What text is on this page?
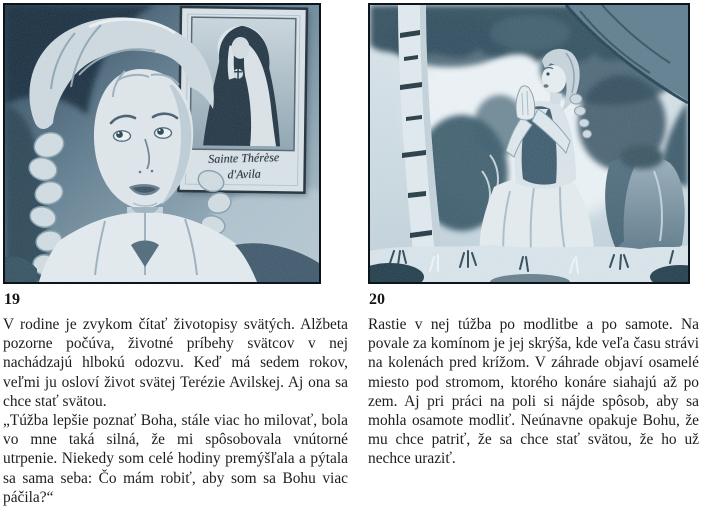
Sainte Thérèse
d'Avila
19

V rodine je zvykom čítať životopisy svätých. Alžbeta pozorne počúva, životné príbehy svätcov v nej nachádzajú hlbokú odozvu. Keď má sedem rokov, veľmi ju osloví život svätej Terézie Avilskej. Aj ona sa chce stať svätou.

„Túžba lepšie poznať Boha, stále viac ho milovať, bola vo mne taká silná, že mi spôsobovala vnútorné utrpenie. Niekedy som celé hodiny premýšľala a pýtala sa sama seba: Čo mám robiť, aby som sa Bohu viac páčila?“

20

Rastie v nej túžba po modlitbe a po samote. Na povale za komínom je jej skrýša, kde veľa času strávi na kolenách pred krížom. V záhrade objaví osamelé miesto pod stromom, ktorého konáre siahajú až po zem. Aj pri práci na poli si nájde spôsob, aby sa mohla osamote modliť. Neúnavne opakuje Bohu, že mu chce patriť, že sa chce stať svätou, že ho už nechce uraziť.
